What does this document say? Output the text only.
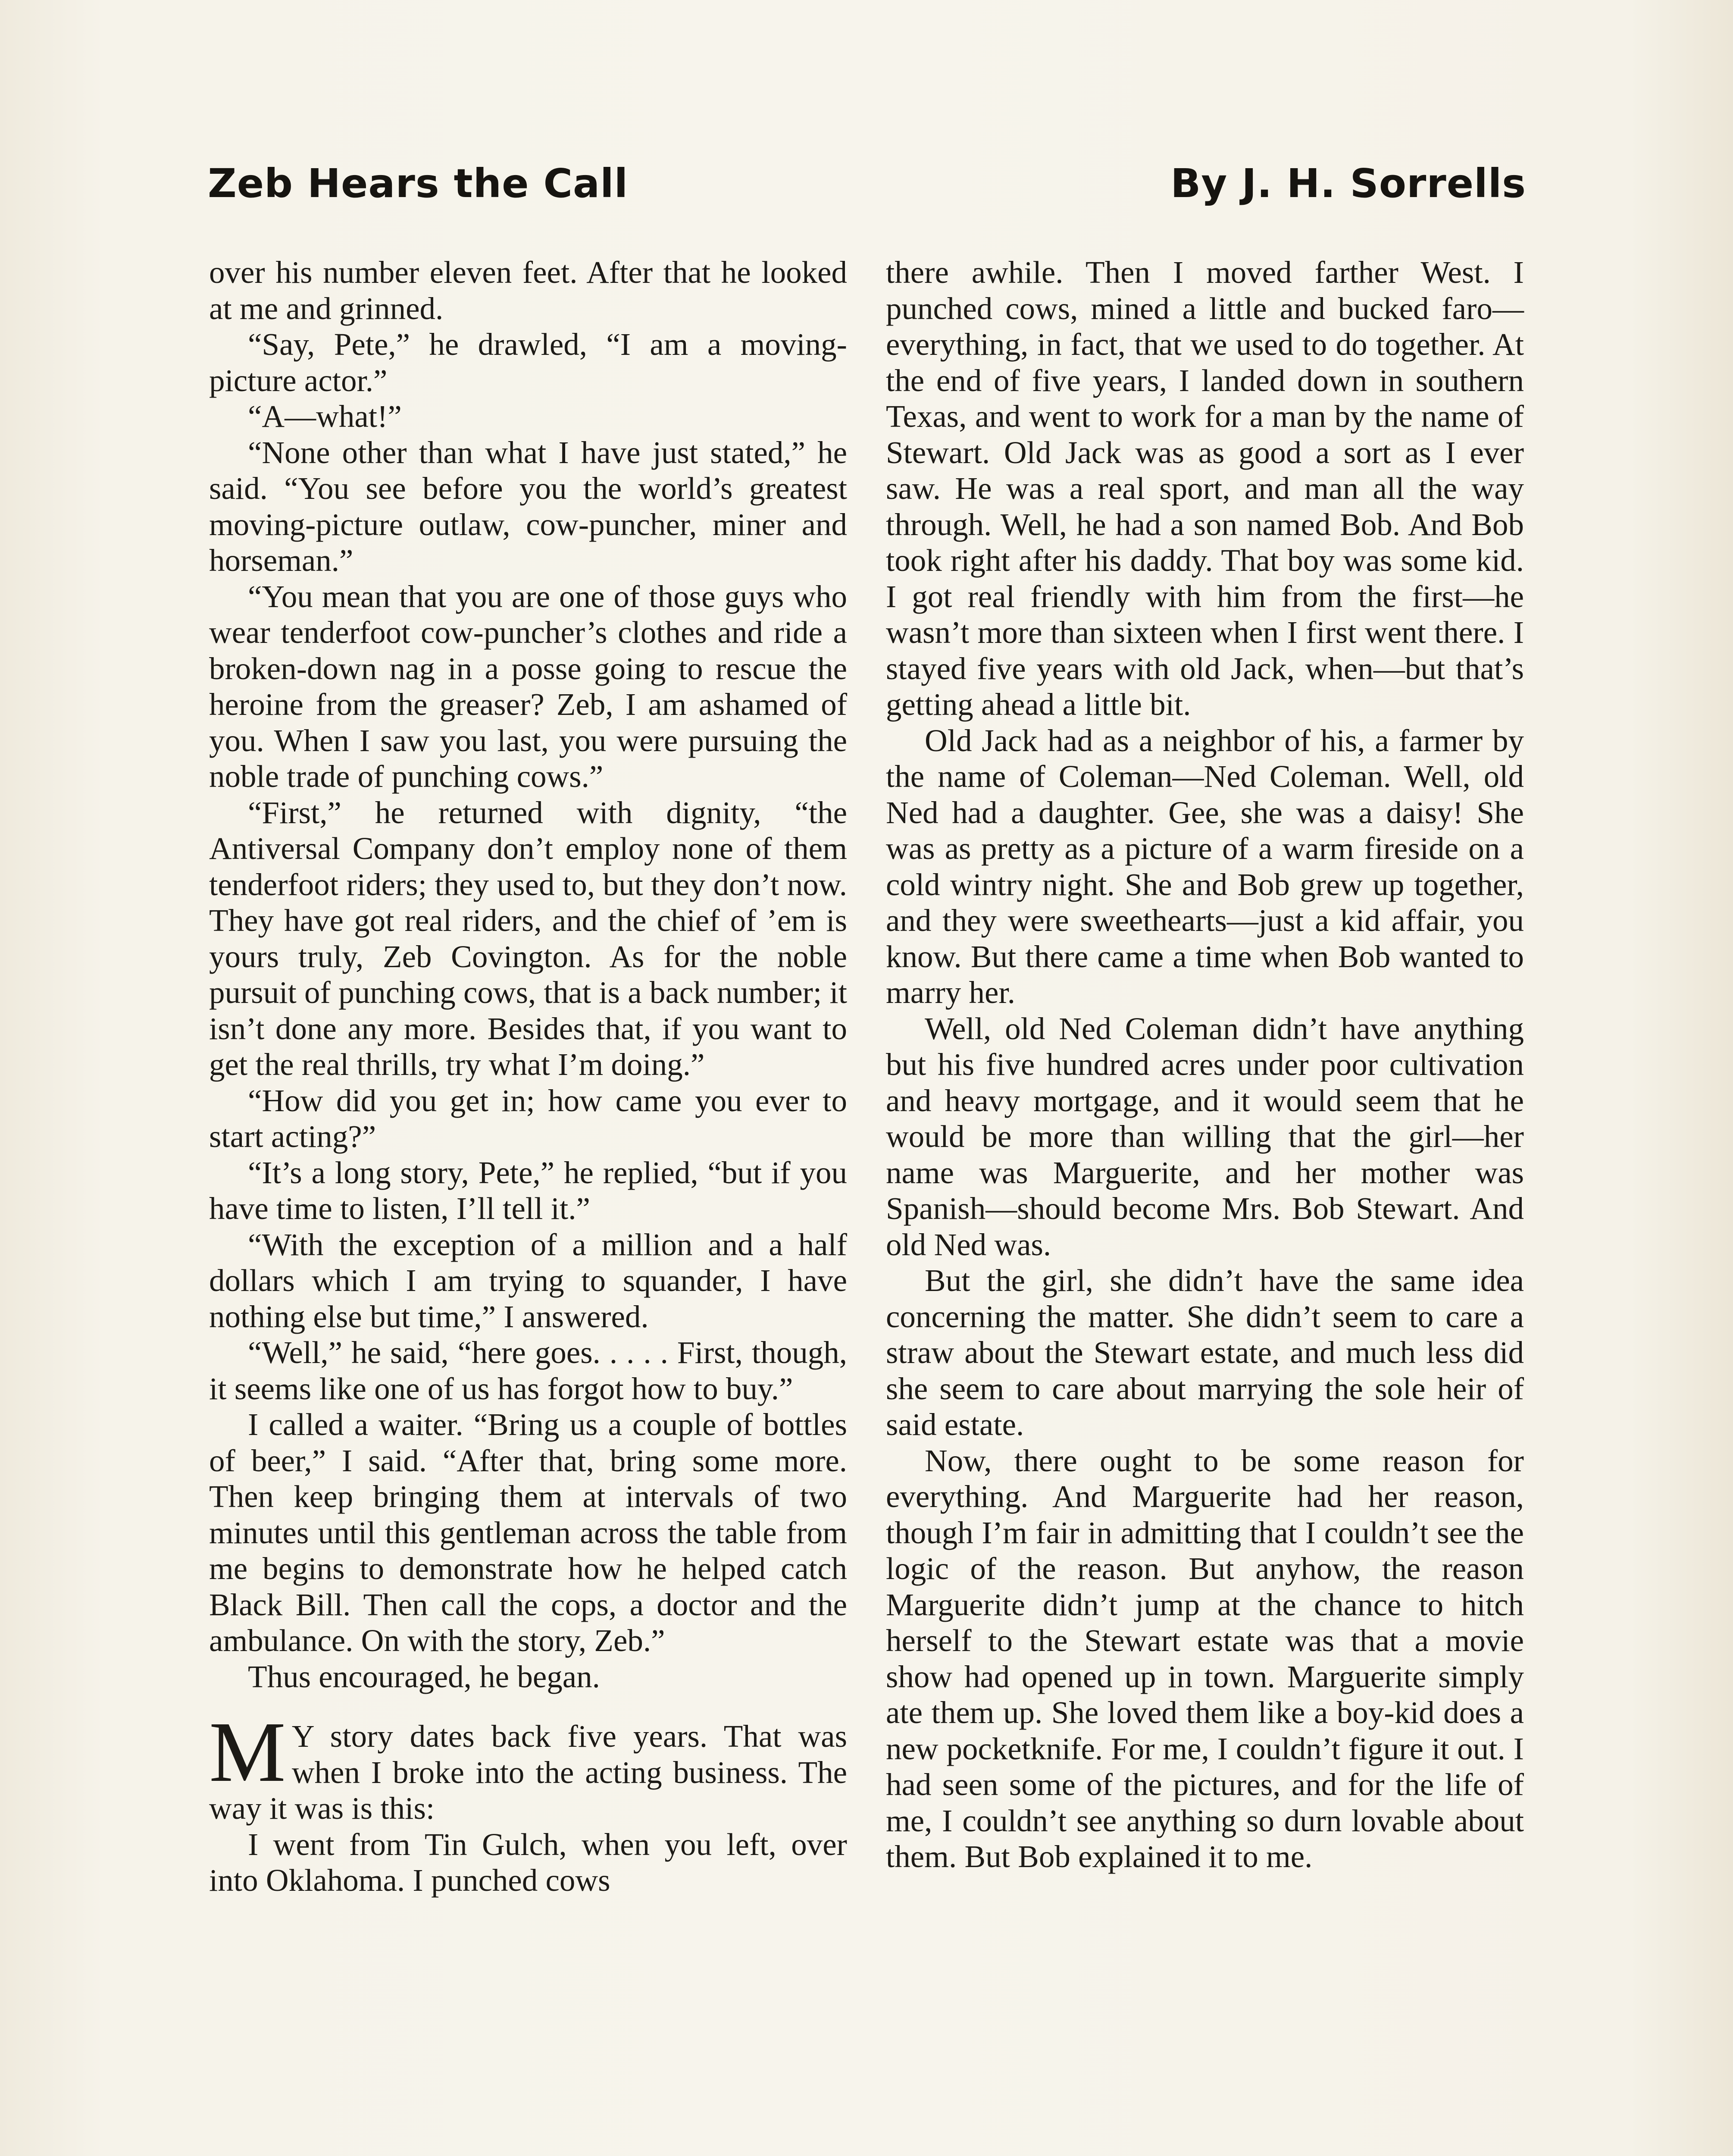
Zeb Hears the Call	By J. H. Sorrells

over his number eleven feet. After that he looked at me and grinned.

“Say, Pete,” he drawled, “I am a moving-picture actor.”

“A—what!”

“None other than what I have just stated,” he said. “You see before you the world’s greatest moving-picture outlaw, cow-puncher, miner and horseman.”

“You mean that you are one of those guys who wear tenderfoot cow-puncher’s clothes and ride a broken-down nag in a posse going to rescue the heroine from the greaser? Zeb, I am ashamed of you. When I saw you last, you were pursuing the noble trade of punching cows.”

“First,” he returned with dignity, “the Antiversal Company don’t employ none of them tenderfoot riders; they used to, but they don’t now. They have got real riders, and the chief of ’em is yours truly, Zeb Covington. As for the noble pursuit of punching cows, that is a back number; it isn’t done any more. Besides that, if you want to get the real thrills, try what I’m doing.”

“How did you get in; how came you ever to start acting?”

“It’s a long story, Pete,” he replied, “but if you have time to listen, I’ll tell it.”

“With the exception of a million and a half dollars which I am trying to squander, I have nothing else but time,” I answered.

“Well,” he said, “here goes. . . . . First, though, it seems like one of us has forgot how to buy.”

I called a waiter. “Bring us a couple of bottles of beer,” I said. “After that, bring some more. Then keep bringing them at intervals of two minutes until this gentleman across the table from me begins to demonstrate how he helped catch Black Bill. Then call the cops, a doctor and the ambulance. On with the story, Zeb.”

Thus encouraged, he began.

M Y story dates back five years. That was when I broke into the acting business. The way it was is this:

I went from Tin Gulch, when you left, over into Oklahoma. I punched cows

there awhile. Then I moved farther West. I punched cows, mined a little and bucked faro—everything, in fact, that we used to do together. At the end of five years, I landed down in southern Texas, and went to work for a man by the name of Stewart. Old Jack was as good a sort as I ever saw. He was a real sport, and man all the way through. Well, he had a son named Bob. And Bob took right after his daddy. That boy was some kid. I got real friendly with him from the first—he wasn’t more than sixteen when I first went there. I stayed five years with old Jack, when—but that’s getting ahead a little bit.

Old Jack had as a neighbor of his, a farmer by the name of Coleman—Ned Coleman. Well, old Ned had a daughter. Gee, she was a daisy! She was as pretty as a picture of a warm fireside on a cold wintry night. She and Bob grew up together, and they were sweethearts—just a kid affair, you know. But there came a time when Bob wanted to marry her.

Well, old Ned Coleman didn’t have anything but his five hundred acres under poor cultivation and heavy mortgage, and it would seem that he would be more than willing that the girl—her name was Marguerite, and her mother was Spanish—should become Mrs. Bob Stewart. And old Ned was.

But the girl, she didn’t have the same idea concerning the matter. She didn’t seem to care a straw about the Stewart estate, and much less did she seem to care about marrying the sole heir of said estate.

Now, there ought to be some reason for everything. And Marguerite had her reason, though I’m fair in admitting that I couldn’t see the logic of the reason. But anyhow, the reason Marguerite didn’t jump at the chance to hitch herself to the Stewart estate was that a movie show had opened up in town. Marguerite simply ate them up. She loved them like a boy-kid does a new pocketknife. For me, I couldn’t figure it out. I had seen some of the pictures, and for the life of me, I couldn’t see anything so durn lovable about them. But Bob explained it to me.
